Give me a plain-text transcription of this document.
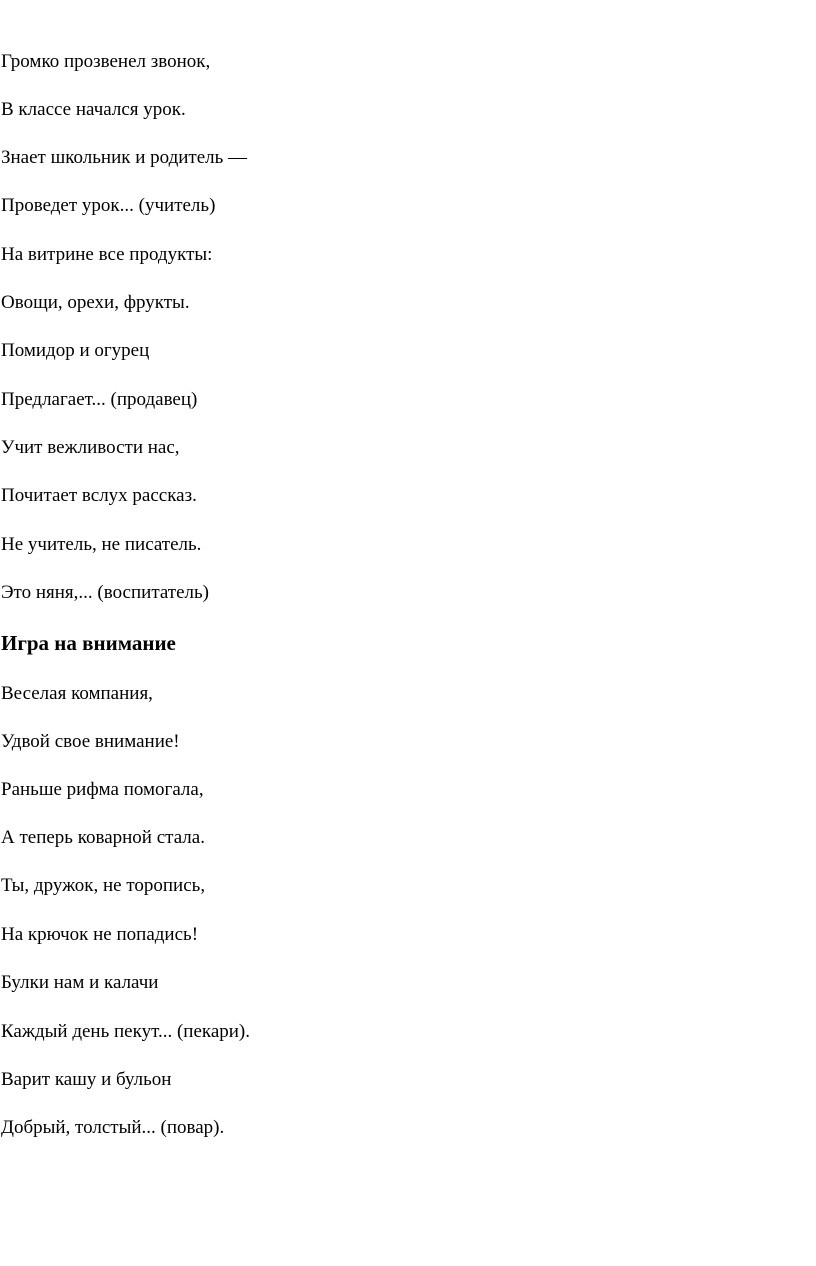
Громко прозвенел звонок,

В классе начался урок.

Знает школьник и родитель —

Проведет урок... (учитель)

На витрине все продукты:

Овощи, орехи, фрукты.

Помидор и огурец

Предлагает... (продавец)

Учит вежливости нас,

Почитает вслух рассказ.

Не учитель, не писатель.

Это няня,... (воспитатель)

Игра на внимание

Веселая компания,

Удвой свое внимание!

Раньше рифма помогала,

А теперь коварной стала.

Ты, дружок, не торопись,

На крючок не попадись!

Булки нам и калачи

Каждый день пекут... (пекари).

Варит кашу и бульон

Добрый, толстый... (повар).
